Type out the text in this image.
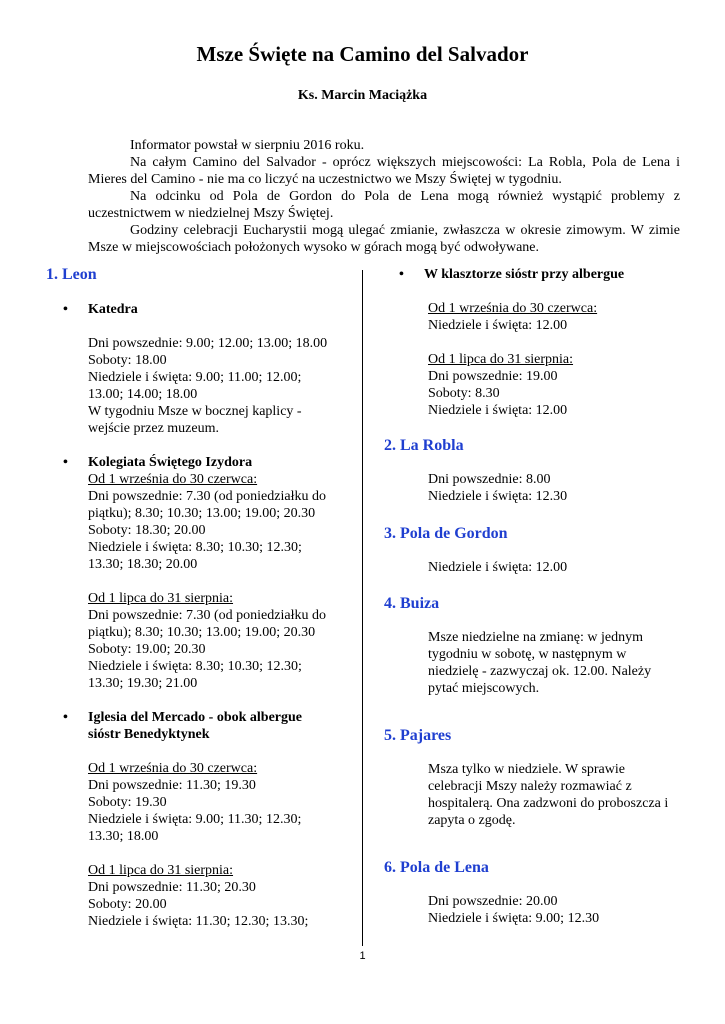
Msze Święte na Camino del Salvador
Ks. Marcin Maciążka

Informator powstał w sierpniu 2016 roku.

Na całym Camino del Salvador - oprócz większych miejscowości: La Robla, Pola de Lena i Mieres del Camino - nie ma co liczyć na uczestnictwo we Mszy Świętej w tygodniu.

Na odcinku od Pola de Gordon do Pola de Lena mogą również wystąpić problemy z uczestnictwem w niedzielnej Mszy Świętej.

Godziny celebracji Eucharystii mogą ulegać zmianie, zwłaszcza w okresie zimowym. W zimie Msze w miejscowościach położonych wysoko w górach mogą być odwoływane.

1. Leon
• Katedra
Dni powszednie: 9.00; 12.00; 13.00; 18.00
Soboty: 18.00
Niedziele i święta: 9.00; 11.00; 12.00;
13.00; 14.00; 18.00
W tygodniu Msze w bocznej kaplicy -
wejście przez muzeum.
• Kolegiata Świętego Izydora
Od 1 września do 30 czerwca:
Dni powszednie: 7.30 (od poniedziałku do
piątku); 8.30; 10.30; 13.00; 19.00; 20.30
Soboty: 18.30; 20.00
Niedziele i święta: 8.30; 10.30; 12.30;
13.30; 18.30; 20.00
Od 1 lipca do 31 sierpnia:
Dni powszednie: 7.30 (od poniedziałku do
piątku); 8.30; 10.30; 13.00; 19.00; 20.30
Soboty: 19.00; 20.30
Niedziele i święta: 8.30; 10.30; 12.30;
13.30; 19.30; 21.00
• Iglesia del Mercado - obok albergue
sióstr Benedyktynek
Od 1 września do 30 czerwca:
Dni powszednie: 11.30; 19.30
Soboty: 19.30
Niedziele i święta: 9.00; 11.30; 12.30;
13.30; 18.00
Od 1 lipca do 31 sierpnia:
Dni powszednie: 11.30; 20.30
Soboty: 20.00
Niedziele i święta: 11.30; 12.30; 13.30;
• W klasztorze sióstr przy albergue
Od 1 września do 30 czerwca:
Niedziele i święta: 12.00
Od 1 lipca do 31 sierpnia:
Dni powszednie: 19.00
Soboty: 8.30
Niedziele i święta: 12.00
2. La Robla
Dni powszednie: 8.00
Niedziele i święta: 12.30
3. Pola de Gordon
Niedziele i święta: 12.00
4. Buiza
Msze niedzielne na zmianę: w jednym
tygodniu w sobotę, w następnym w
niedzielę - zazwyczaj ok. 12.00. Należy
pytać miejscowych.
5. Pajares
Msza tylko w niedziele. W sprawie
celebracji Mszy należy rozmawiać z
hospitalerą. Ona zadzwoni do proboszcza i
zapyta o zgodę.
6. Pola de Lena
Dni powszednie: 20.00
Niedziele i święta: 9.00; 12.30
1
